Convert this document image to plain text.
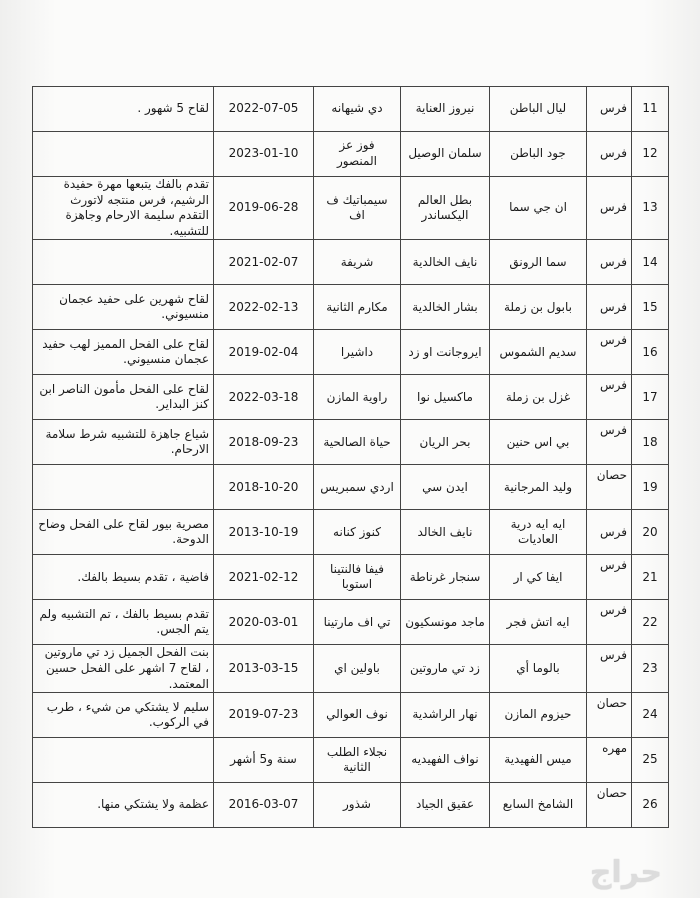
11	فرس	ليال الباطن	نيروز العناية	دي شيهانه	2022-07-05	لقاح 5 شهور .
12	فرس	جود الباطن	سلمان الوصيل	فوز عز المنصور	2023-01-10	
13	فرس	ان جي سما	بطل العالم اليكساندر	سيمباتيك ف اف	2019-06-28	تقدم بالفك يتبعها مهرة حفيدة الرشيم، فرس منتجه لاتورث التقدم سليمة الارحام وجاهزة للتشبيه.
14	فرس	سما الرونق	نايف الخالدية	شريفة	2021-02-07	
15	فرس	بابول بن زملة	بشار الخالدية	مكارم الثانية	2022-02-13	لقاح شهرين على حفيد عجمان منسيوني.
16	فرس	سديم الشموس	ايروجانت او زد	داشيرا	2019-02-04	لقاح على الفحل المميز لهب حفيد عجمان منسيوني.
17	فرس	غزل بن زملة	ماكسيل نوا	راوية المازن	2022-03-18	لقاح على الفحل مأمون الناصر ابن كنز البداير.
18	فرس	بي اس حنين	بحر الريان	حياة الصالحية	2018-09-23	شياع جاهزة للتشبيه شرط سلامة الارحام.
19	حصان	وليد المرجانية	ايدن سي	اردي سمبريس	2018-10-20	
20	فرس	ايه ايه درية العاديات	نايف الخالد	كنوز كنانه	2013-10-19	مصرية بيور لقاح على الفحل وضاح الدوحة.
21	فرس	ايفا كي ار	سنجار غرناطة	فيفا فالنتينا استوبا	2021-02-12	فاضية ، تقدم بسيط بالفك.
22	فرس	ايه اتش فجر	ماجد مونسكيون	تي اف مارتينا	2020-03-01	تقدم بسيط بالفك ، تم التشبيه ولم يتم الجس.
23	فرس	بالوما أي	زد تي ماروتين	باولين اي	2013-03-15	بنت الفحل الجميل زد تي ماروتين ، لقاح 7 اشهر على الفحل حسين المعتمد.
24	حصان	حيزوم المازن	نهار الراشدية	نوف العوالي	2019-07-23	سليم لا يشتكي من شيء ، طرب في الركوب.
25	مهره	ميس الفهيدية	نواف الفهيديه	نجلاء الطلب الثانية	سنة و5 أشهر	
26	حصان	الشامخ السابع	عقيق الجياد	شذور	2016-03-07	عظمة ولا يشتكي منها.
حراج
